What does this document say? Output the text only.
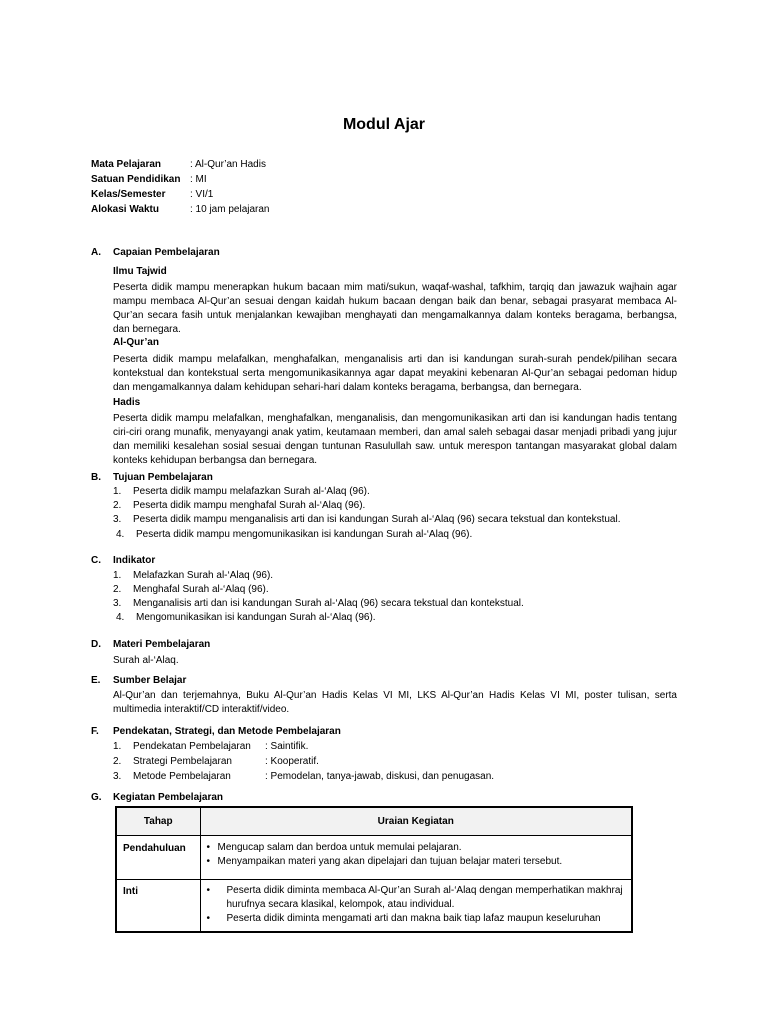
Modul Ajar
Mata Pelajaran	: Al-Qur’an Hadis
Satuan Pendidikan : MI
Kelas/Semester : VI/1
Alokasi Waktu	: 10 jam pelajaran
A. Capaian Pembelajaran
Ilmu Tajwid

Peserta didik mampu menerapkan hukum bacaan mim mati/sukun, waqaf-washal, tafkhim, tarqiq dan jawazuk wajhain agar mampu membaca Al-Qur’an sesuai dengan kaidah hukum bacaan dengan baik dan benar, sebagai prasyarat membaca Al-Qur’an secara fasih untuk menjalankan kewajiban menghayati dan mengamalkannya dalam konteks beragama, berbangsa, dan bernegara.

Al-Qur’an

Peserta didik mampu melafalkan, menghafalkan, menganalisis arti dan isi kandungan surah-surah pendek/pilihan secara kontekstual dan kontekstual serta mengomunikasikannya agar dapat meyakini kebenaran Al-Qur’an sebagai pedoman hidup dan mengamalkannya dalam kehidupan sehari-hari dalam konteks beragama, berbangsa, dan bernegara.

Hadis

Peserta didik mampu melafalkan, menghafalkan, menganalisis, dan mengomunikasikan arti dan isi kandungan hadis tentang ciri-ciri orang munafik, menyayangi anak yatim, keutamaan memberi, dan amal saleh sebagai dasar menjadi pribadi yang jujur dan memiliki kesalehan sosial sesuai dengan tuntunan Rasulullah saw. untuk merespon tantangan masyarakat global dalam konteks kehidupan berbangsa dan bernegara.

B. Tujuan Pembelajaran
1. Peserta didik mampu melafazkan Surah al-‘Alaq (96).
2. Peserta didik mampu menghafal Surah al-‘Alaq (96).
3. Peserta didik mampu menganalisis arti dan isi kandungan Surah al-‘Alaq (96) secara tekstual dan kontekstual.
4. Peserta didik mampu mengomunikasikan isi kandungan Surah al-‘Alaq (96).
C. Indikator
1. Melafazkan Surah al-‘Alaq (96).
2. Menghafal Surah al-‘Alaq (96).
3. Menganalisis arti dan isi kandungan Surah al-‘Alaq (96) secara tekstual dan kontekstual.
4. Mengomunikasikan isi kandungan Surah al-‘Alaq (96).
D. Materi Pembelajaran

Surah al-‘Alaq.

E. Sumber Belajar

Al-Qur’an dan terjemahnya, Buku Al-Qur’an Hadis Kelas VI MI, LKS Al-Qur’an Hadis Kelas VI MI, poster tulisan, serta multimedia interaktif/CD interaktif/video.

F. Pendekatan, Strategi, dan Metode Pembelajaran
1. Pendekatan Pembelajaran : Saintifik.
2. Strategi Pembelajaran	: Kooperatif.
3. Metode Pembelajaran	: Pemodelan, tanya-jawab, diskusi, dan penugasan.
G. Kegiatan Pembelajaran
Tahap	Uraian Kegiatan
Pendahuluan	• Mengucap salam dan berdoa untuk memulai pelajaran.
• Menyampaikan materi yang akan dipelajari dan tujuan belajar materi tersebut.

Inti	• Peserta didik diminta membaca Al-Qur’an Surah al-‘Alaq dengan memperhatikan makhraj hurufnya secara klasikal, kelompok, atau individual.
• Peserta didik diminta mengamati arti dan makna baik tiap lafaz maupun keseluruhan
